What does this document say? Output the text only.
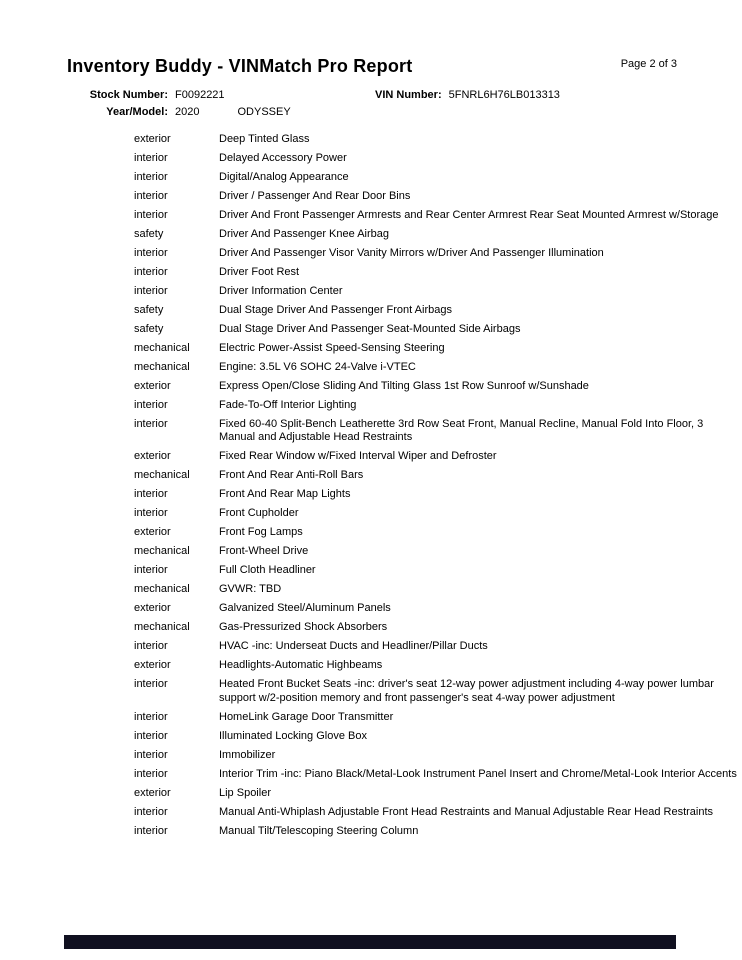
Inventory Buddy - VINMatch Pro Report	Page 2 of 3
Stock Number: F0092221	VIN Number: 5FNRL6H76LB013313
Year/Model: 2020	ODYSSEY
exterior	Deep Tinted Glass
interior	Delayed Accessory Power
interior	Digital/Analog Appearance
interior	Driver / Passenger And Rear Door Bins
interior	Driver And Front Passenger Armrests and Rear Center Armrest Rear Seat Mounted Armrest w/Storage
safety	Driver And Passenger Knee Airbag
interior	Driver And Passenger Visor Vanity Mirrors w/Driver And Passenger Illumination
interior	Driver Foot Rest
interior	Driver Information Center
safety	Dual Stage Driver And Passenger Front Airbags
safety	Dual Stage Driver And Passenger Seat-Mounted Side Airbags
mechanical	Electric Power-Assist Speed-Sensing Steering
mechanical	Engine: 3.5L V6 SOHC 24-Valve i-VTEC
exterior	Express Open/Close Sliding And Tilting Glass 1st Row Sunroof w/Sunshade
interior	Fade-To-Off Interior Lighting
interior	Fixed 60-40 Split-Bench Leatherette 3rd Row Seat Front, Manual Recline, Manual Fold Into Floor, 3 Manual and Adjustable Head Restraints
exterior	Fixed Rear Window w/Fixed Interval Wiper and Defroster
mechanical	Front And Rear Anti-Roll Bars
interior	Front And Rear Map Lights
interior	Front Cupholder
exterior	Front Fog Lamps
mechanical	Front-Wheel Drive
interior	Full Cloth Headliner
mechanical	GVWR: TBD
exterior	Galvanized Steel/Aluminum Panels
mechanical	Gas-Pressurized Shock Absorbers
interior	HVAC -inc: Underseat Ducts and Headliner/Pillar Ducts
exterior	Headlights-Automatic Highbeams
interior	Heated Front Bucket Seats -inc: driver's seat 12-way power adjustment including 4-way power lumbar support w/2-position memory and front passenger's seat 4-way power adjustment
interior	HomeLink Garage Door Transmitter
interior	Illuminated Locking Glove Box
interior	Immobilizer
interior	Interior Trim -inc: Piano Black/Metal-Look Instrument Panel Insert and Chrome/Metal-Look Interior Accents
exterior	Lip Spoiler
interior	Manual Anti-Whiplash Adjustable Front Head Restraints and Manual Adjustable Rear Head Restraints
interior	Manual Tilt/Telescoping Steering Column
